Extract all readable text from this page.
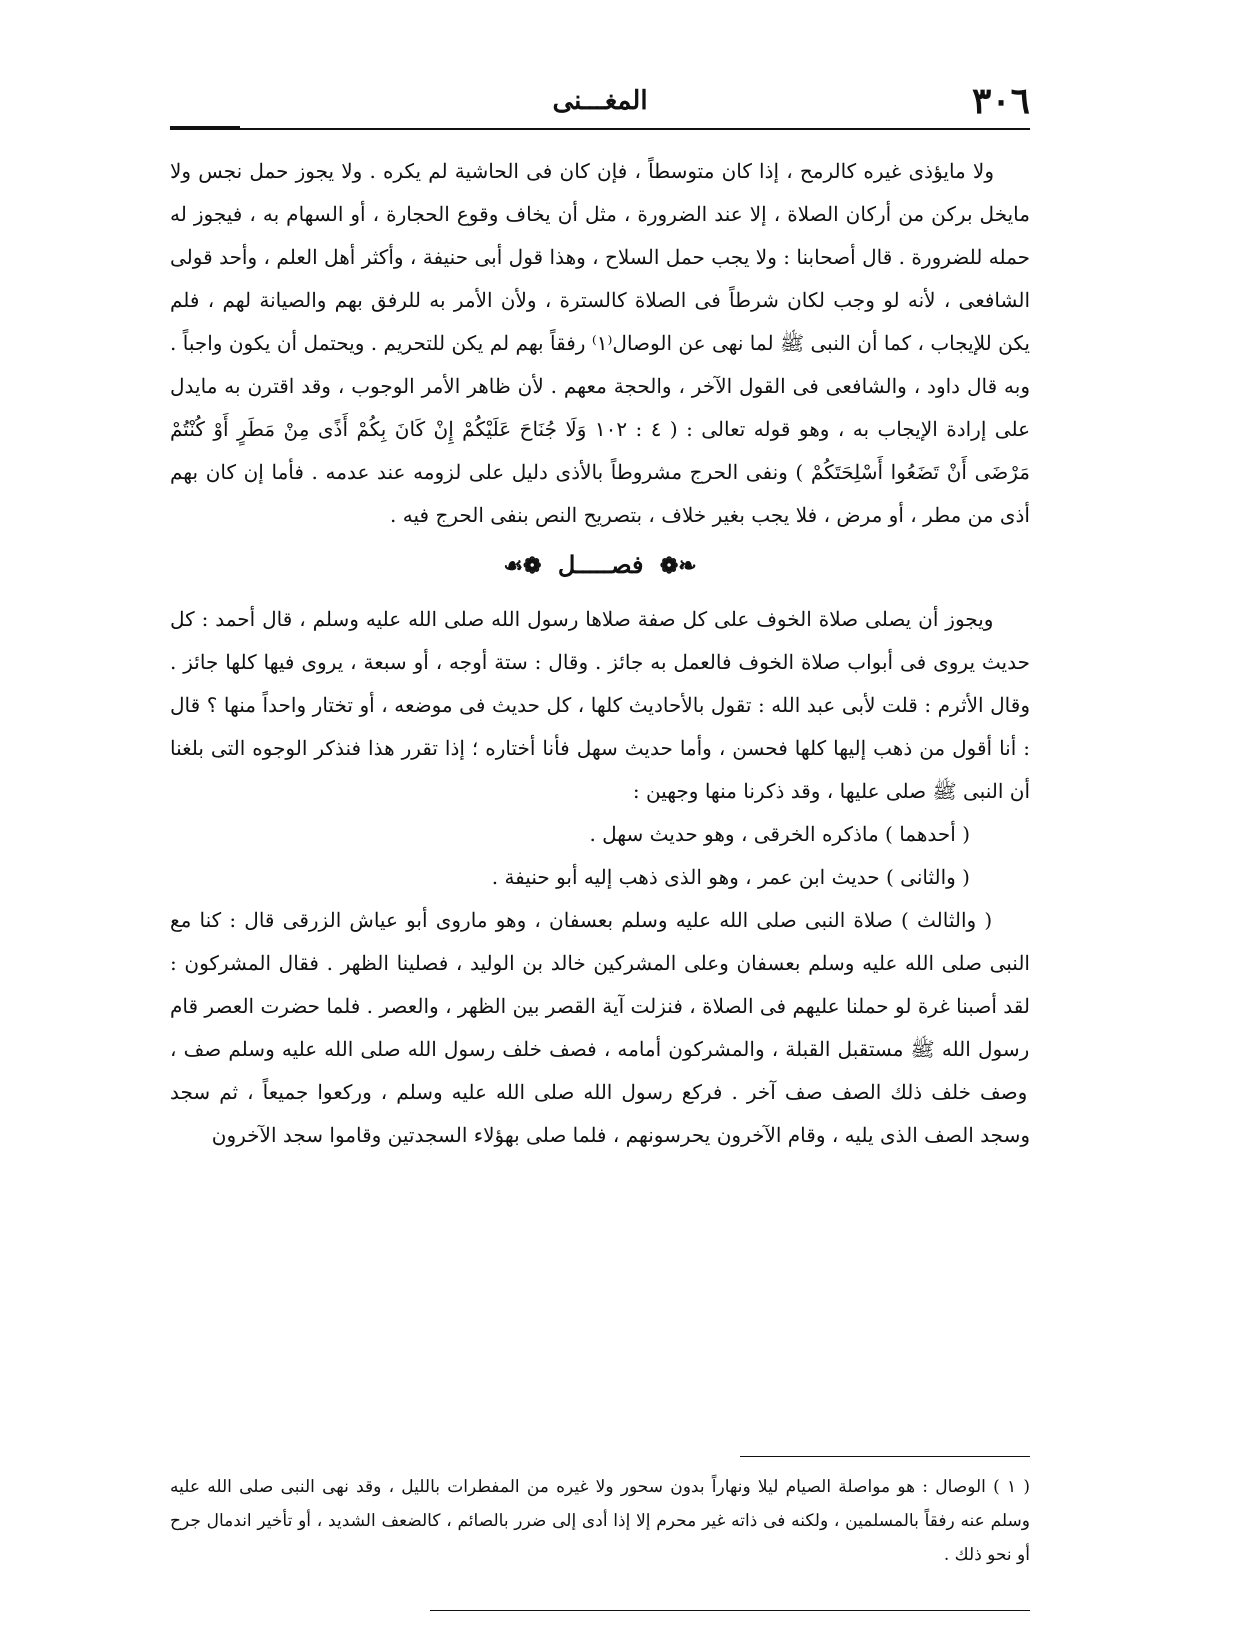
٣٠٦
المغـــنى

ولا مايؤذى غيره كالرمح ، إذا كان متوسطاً ، فإن كان فى الحاشية لم يكره . ولا يجوز حمل نجس ولا مايخل بركن من أركان الصلاة ، إلا عند الضرورة ، مثل أن يخاف وقوع الحجارة ، أو السهام به ، فيجوز له حمله للضرورة . قال أصحابنا : ولا يجب حمل السلاح ، وهذا قول أبى حنيفة ، وأكثر أهل العلم ، وأحد قولى الشافعى ، لأنه لو وجب لكان شرطاً فى الصلاة كالسترة ، ولأن الأمر به للرفق بهم والصيانة لهم ، فلم يكن للإيجاب ، كما أن النبى ﷺ لما نهى عن الوصال⁽١⁾ رفقاً بهم لم يكن للتحريم . ويحتمل أن يكون واجباً . وبه قال داود ، والشافعى فى القول الآخر ، والحجة معهم . لأن ظاهر الأمر الوجوب ، وقد اقترن به مايدل على إرادة الإيجاب به ، وهو قوله تعالى : ( ٤ : ١٠٢ وَلَا جُنَاحَ عَلَيْكُمْ إِنْ كَانَ بِكُمْ أَذًى مِنْ مَطَرٍ أَوْ كُنْتُمْ مَرْضَى أَنْ تَضَعُوا أَسْلِحَتَكُمْ ) ونفى الحرج مشروطاً بالأذى دليل على لزومه عند عدمه . فأما إن كان بهم أذى من مطر ، أو مرض ، فلا يجب بغير خلاف ، بتصريح النص بنفى الحرج فيه .

❧❁ فصـــــل ❁☙

ويجوز أن يصلى صلاة الخوف على كل صفة صلاها رسول الله صلى الله عليه وسلم ، قال أحمد : كل حديث يروى فى أبواب صلاة الخوف فالعمل به جائز . وقال : ستة أوجه ، أو سبعة ، يروى فيها كلها جائز . وقال الأثرم : قلت لأبى عبد الله : تقول بالأحاديث كلها ، كل حديث فى موضعه ، أو تختار واحداً منها ؟ قال : أنا أقول من ذهب إليها كلها فحسن ، وأما حديث سهل فأنا أختاره ؛ إذا تقرر هذا فنذكر الوجوه التى بلغنا أن النبى ﷺ صلى عليها ، وقد ذكرنا منها وجهين :

( أحدهما ) ماذكره الخرقى ، وهو حديث سهل .

( والثانى ) حديث ابن عمر ، وهو الذى ذهب إليه أبو حنيفة .

( والثالث ) صلاة النبى صلى الله عليه وسلم بعسفان ، وهو ماروى أبو عياش الزرقى قال : كنا مع النبى صلى الله عليه وسلم بعسفان وعلى المشركين خالد بن الوليد ، فصلينا الظهر . فقال المشركون : لقد أصبنا غرة لو حملنا عليهم فى الصلاة ، فنزلت آية القصر بين الظهر ، والعصر . فلما حضرت العصر قام رسول الله ﷺ مستقبل القبلة ، والمشركون أمامه ، فصف خلف رسول الله صلى الله عليه وسلم صف ، وصف خلف ذلك الصف صف آخر . فركع رسول الله صلى الله عليه وسلم ، وركعوا جميعاً ، ثم سجد وسجد الصف الذى يليه ، وقام الآخرون يحرسونهم ، فلما صلى بهؤلاء السجدتين وقاموا سجد الآخرون

( ١ ) الوصال : هو مواصلة الصيام ليلا ونهاراً بدون سحور ولا غيره من المفطرات بالليل ، وقد نهى النبى صلى الله عليه وسلم عنه رفقاً بالمسلمين ، ولكنه فى ذاته غير محرم إلا إذا أدى إلى ضرر بالصائم ، كالضعف الشديد ، أو تأخير اندمال جرح أو نحو ذلك .
